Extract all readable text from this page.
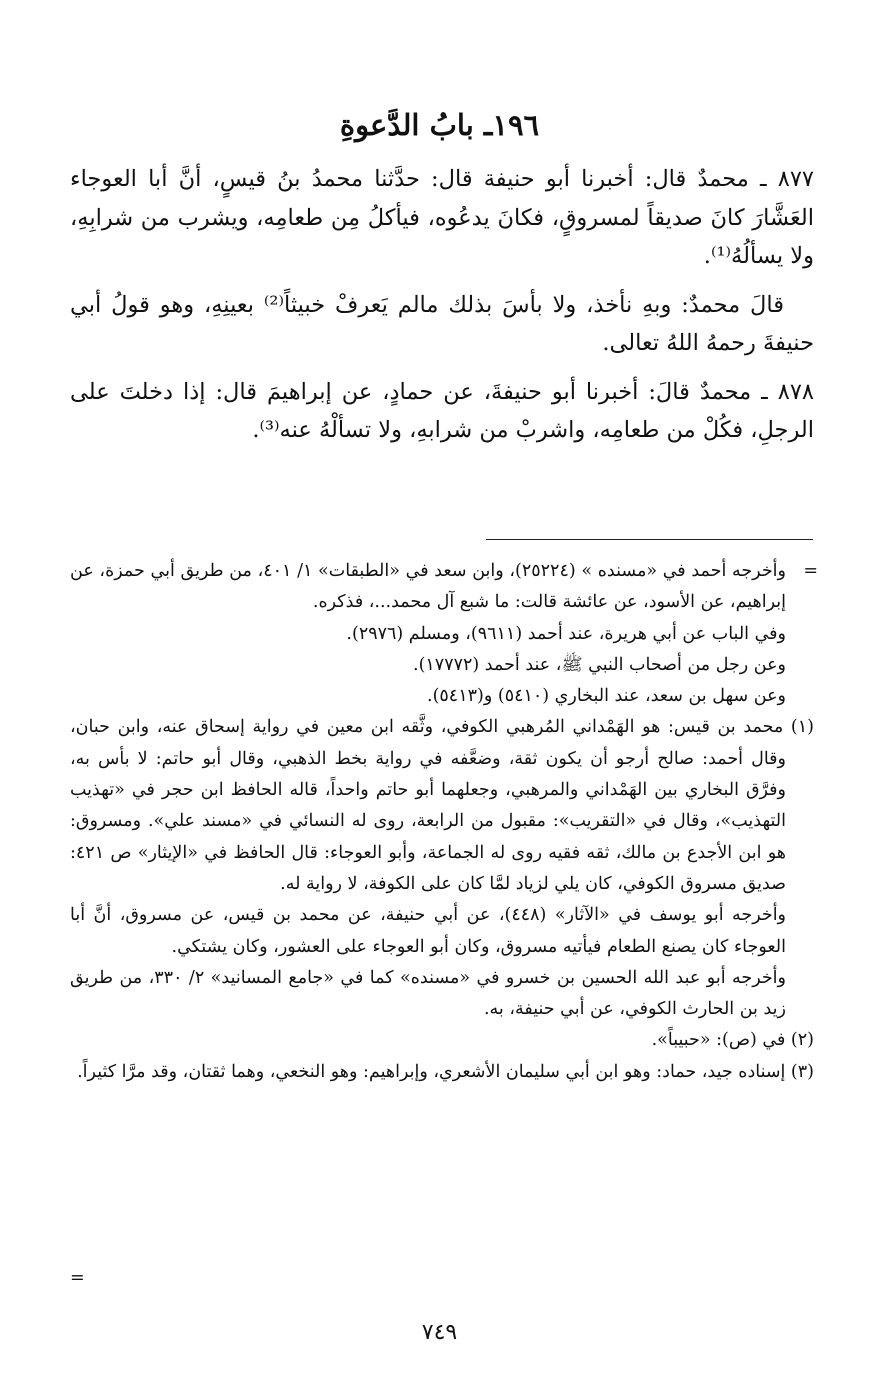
١٩٦ـ بابُ الدَّعوةِ

٨٧٧ ـ محمدٌ قال: أخبرنا أبو حنيفة قال: حدَّثنا محمدُ بنُ قيسٍ، أنَّ أبا العوجاء العَشَّارَ كانَ صديقاً لمسروقٍ، فكانَ يدعُوه، فيأكلُ مِن طعامِه، ويشرب من شرابِهِ، ولا يسألُهُ⁽¹⁾.

قالَ محمدٌ: وبهِ نأخذ، ولا بأسَ بذلك مالم يَعرفْ خبيثاً⁽²⁾ بعينِهِ، وهو قولُ أبي حنيفةَ رحمهُ اللهُ تعالى.

٨٧٨ ـ محمدٌ قالَ: أخبرنا أبو حنيفةَ، عن حمادٍ، عن إبراهيمَ قال: إذا دخلتَ على الرجلِ، فكُلْ من طعامِه، واشربْ من شرابهِ، ولا تسألْهُ عنه⁽³⁾.

=
وأخرجه أحمد في «مسنده » (٢٥٢٢٤)، وابن سعد في «الطبقات» ١/ ٤٠١، من طريق أبي حمزة، عن إبراهيم، عن الأسود، عن عائشة قالت: ما شبع آل محمد...، فذكره.

وفي الباب عن أبي هريرة، عند أحمد (٩٦١١)، ومسلم (٢٩٧٦).

وعن رجل من أصحاب النبي ﷺ، عند أحمد (١٧٧٧٢).

وعن سهل بن سعد، عند البخاري (٥٤١٠) و(٥٤١٣).

(١) محمد بن قيس: هو الهَمْداني المُرهبي الكوفي، وثَّقه ابن معين في رواية إسحاق عنه، وابن حبان، وقال أحمد: صالح أرجو أن يكون ثقة، وضعَّفه في رواية بخط الذهبي، وقال أبو حاتم: لا بأس به، وفرَّق البخاري بين الهَمْداني والمرهبي، وجعلهما أبو حاتم واحداً، قاله الحافظ ابن حجر في «تهذيب التهذيب»، وقال في «التقريب»: مقبول من الرابعة، روى له النسائي في «مسند علي». ومسروق: هو ابن الأجدع بن مالك، ثقه فقيه روى له الجماعة، وأبو العوجاء: قال الحافظ في «الإيثار» ص ٤٢١: صديق مسروق الكوفي، كان يلي لزياد لمَّا كان على الكوفة، لا رواية له.

وأخرجه أبو يوسف في «الآثار» (٤٤٨)، عن أبي حنيفة، عن محمد بن قيس، عن مسروق، أنَّ أبا العوجاء كان يصنع الطعام فيأتيه مسروق، وكان أبو العوجاء على العشور، وكان يشتكي.

وأخرجه أبو عبد الله الحسين بن خسرو في «مسنده» كما في «جامع المسانيد» ٢/ ٣٣٠، من طريق زيد بن الحارث الكوفي، عن أبي حنيفة، به.

(٢) في (ص): «حبيباً».

(٣) إسناده جيد، حماد: وهو ابن أبي سليمان الأشعري، وإبراهيم: وهو النخعي، وهما ثقتان، وقد مرَّا كثيراً.

=
٧٤٩
